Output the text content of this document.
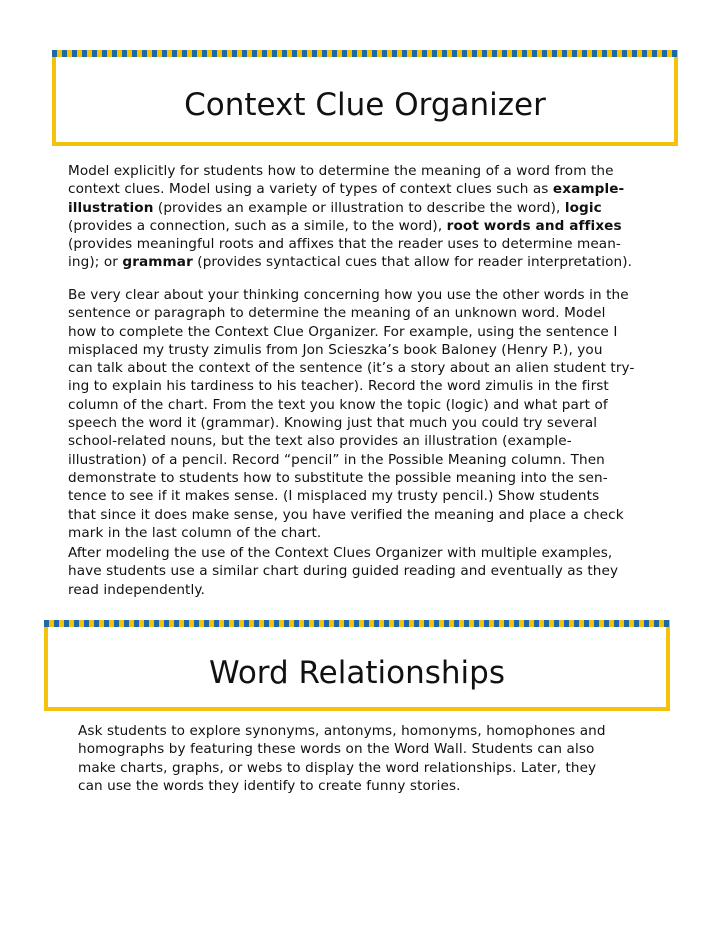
Context Clue Organizer

Model explicitly for students how to determine the meaning of a word from the
context clues. Model using a variety of types of context clues such as example-
illustration (provides an example or illustration to describe the word), logic
(provides a connection, such as a simile, to the word), root words and affixes
(provides meaningful roots and affixes that the reader uses to determine mean-
ing); or grammar (provides syntactical cues that allow for reader interpretation).

Be very clear about your thinking concerning how you use the other words in the
sentence or paragraph to determine the meaning of an unknown word. Model
how to complete the Context Clue Organizer. For example, using the sentence I
misplaced my trusty zimulis from Jon Scieszka’s book Baloney (Henry P.), you
can talk about the context of the sentence (it’s a story about an alien student try-
ing to explain his tardiness to his teacher). Record the word zimulis in the first
column of the chart. From the text you know the topic (logic) and what part of
speech the word it (grammar). Knowing just that much you could try several
school-related nouns, but the text also provides an illustration (example-
illustration) of a pencil. Record “pencil” in the Possible Meaning column. Then
demonstrate to students how to substitute the possible meaning into the sen-
tence to see if it makes sense. (I misplaced my trusty pencil.) Show students
that since it does make sense, you have verified the meaning and place a check
mark in the last column of the chart.

After modeling the use of the Context Clues Organizer with multiple examples,
have students use a similar chart during guided reading and eventually as they
read independently.

Word Relationships

Ask students to explore synonyms, antonyms, homonyms, homophones and
homographs by featuring these words on the Word Wall. Students can also
make charts, graphs, or webs to display the word relationships. Later, they
can use the words they identify to create funny stories.
